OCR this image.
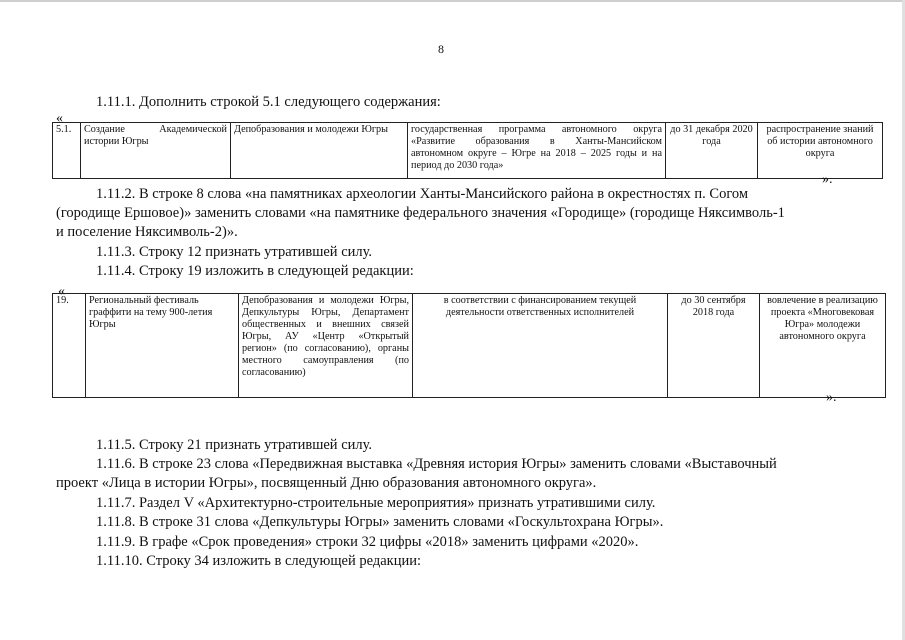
8
1.11.1. Дополнить строкой 5.1 следующего содержания:
«
5.1.	Создание Академической истории Югры	Депобразования и молодежи Югры	государственная программа автономного округа «Развитие образования в Ханты-Мансийском автономном округе – Югре на 2018 – 2025 годы и на период до 2030 года»	до 31 декабря 2020 года	распространение знаний об истории автономного округа
».
1.11.2. В строке 8 слова «на памятниках археологии Ханты-Мансийского района в окрестностях п. Согом
(городище Ершовое)» заменить словами «на памятнике федерального значения «Городище» (городище Няксимволь-1
и поселение Няксимволь-2)».
1.11.3. Строку 12 признать утратившей силу.
1.11.4. Строку 19 изложить в следующей редакции:
«
19.	Региональный фестиваль граффити на тему 900-летия Югры	Депобразования и молодежи Югры, Депкультуры Югры, Департамент общественных и внешних связей Югры, АУ «Центр «Открытый регион» (по согласованию), органы местного самоуправления (по согласованию)	в соответствии с финансированием текущей деятельности ответственных исполнителей	до 30 сентября 2018 года	вовлечение в реализацию проекта «Многовековая Югра» молодежи автономного округа
».
1.11.5. Строку 21 признать утратившей силу.
1.11.6. В строке 23 слова «Передвижная выставка «Древняя история Югры» заменить словами «Выставочный
проект «Лица в истории Югры», посвященный Дню образования автономного округа».
1.11.7. Раздел V «Архитектурно-строительные мероприятия» признать утратившими силу.
1.11.8. В строке 31 слова «Депкультуры Югры» заменить словами «Госкультохрана Югры».
1.11.9. В графе «Срок проведения» строки 32 цифры «2018» заменить цифрами «2020».
1.11.10. Строку 34 изложить в следующей редакции:
